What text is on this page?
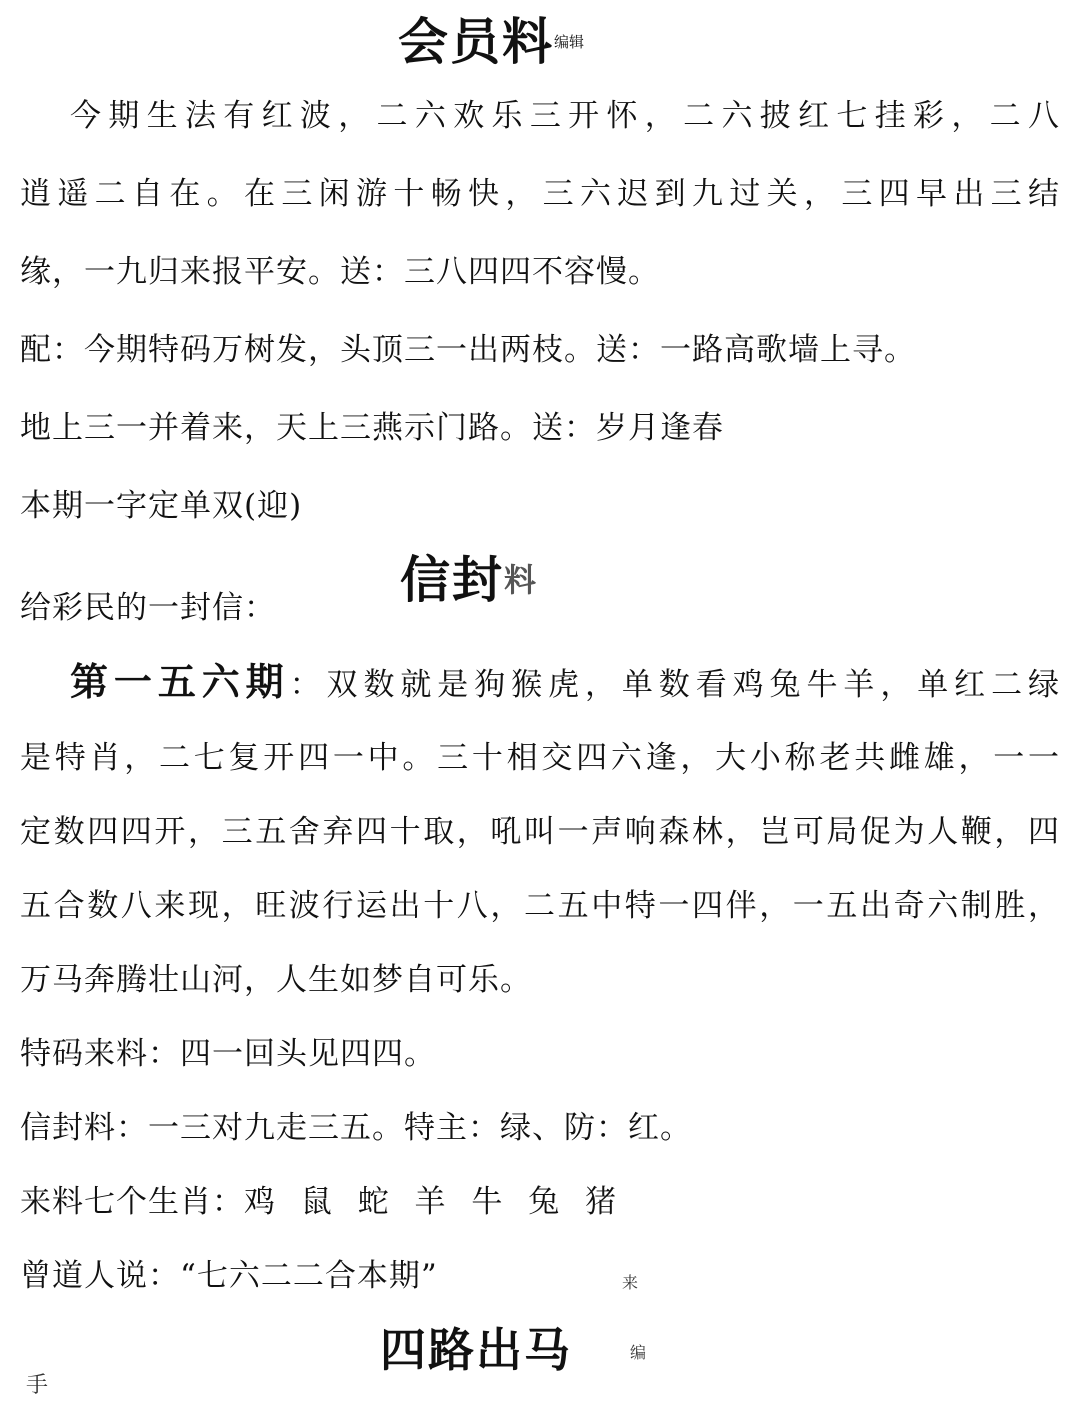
会员料$^{编辑}$
今期生法有红波，二六欢乐三开怀，二六披红七挂彩，二八
逍遥二自在。在三闲游十畅快，三六迟到九过关，三四早出三结
缘，一九归来报平安。送：三八四四不容慢。
配：今期特码万树发，头顶三一出两枝。送：一路高歌墙上寻。
地上三一并着来，天上三燕示门路。送：岁月逢春
本期一字定单双(迎)
给彩民的一封信：	信封$^料$
第一五六期：双数就是狗猴虎，单数看鸡兔牛羊，单红二绿
是特肖，二七复开四一中。三十相交四六逢，大小称老共雌雄，一一
定数四四开，三五舍弃四十取，吼叫一声响森林，岂可局促为人鞭，四
五合数八来现，旺波行运出十八，二五中特一四伴，一五出奇六制胜，
万马奔腾壮山河，人生如梦自可乐。
特码来料：四一回头见四四。
信封料：一三对九走三五。特主：绿、防：红。
来料七个生肖：鸡 鼠 蛇 羊 牛 兔 猪
曾道人说：“七六二二合本期”
四路出马
来
编
手
